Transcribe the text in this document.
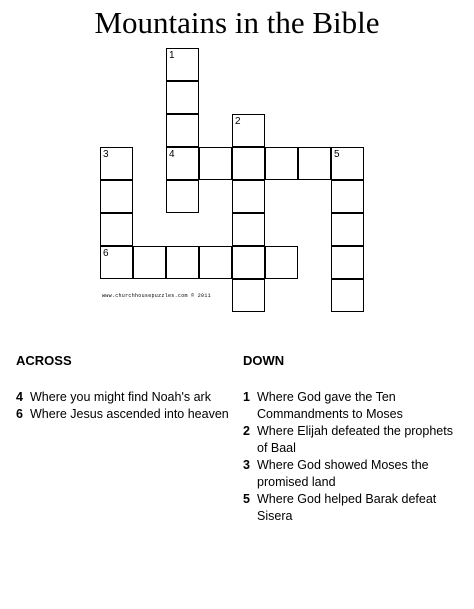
Mountains in the Bible
1
4
2
3
6
5
www.churchhousepuzzles.com © 2011
ACROSS
4 Where you might find Noah's ark
6 Where Jesus ascended into heaven
DOWN
1 Where God gave the Ten Commandments to Moses
2 Where Elijah defeated the prophets of Baal
3 Where God showed Moses the promised land
5 Where God helped Barak defeat Sisera
